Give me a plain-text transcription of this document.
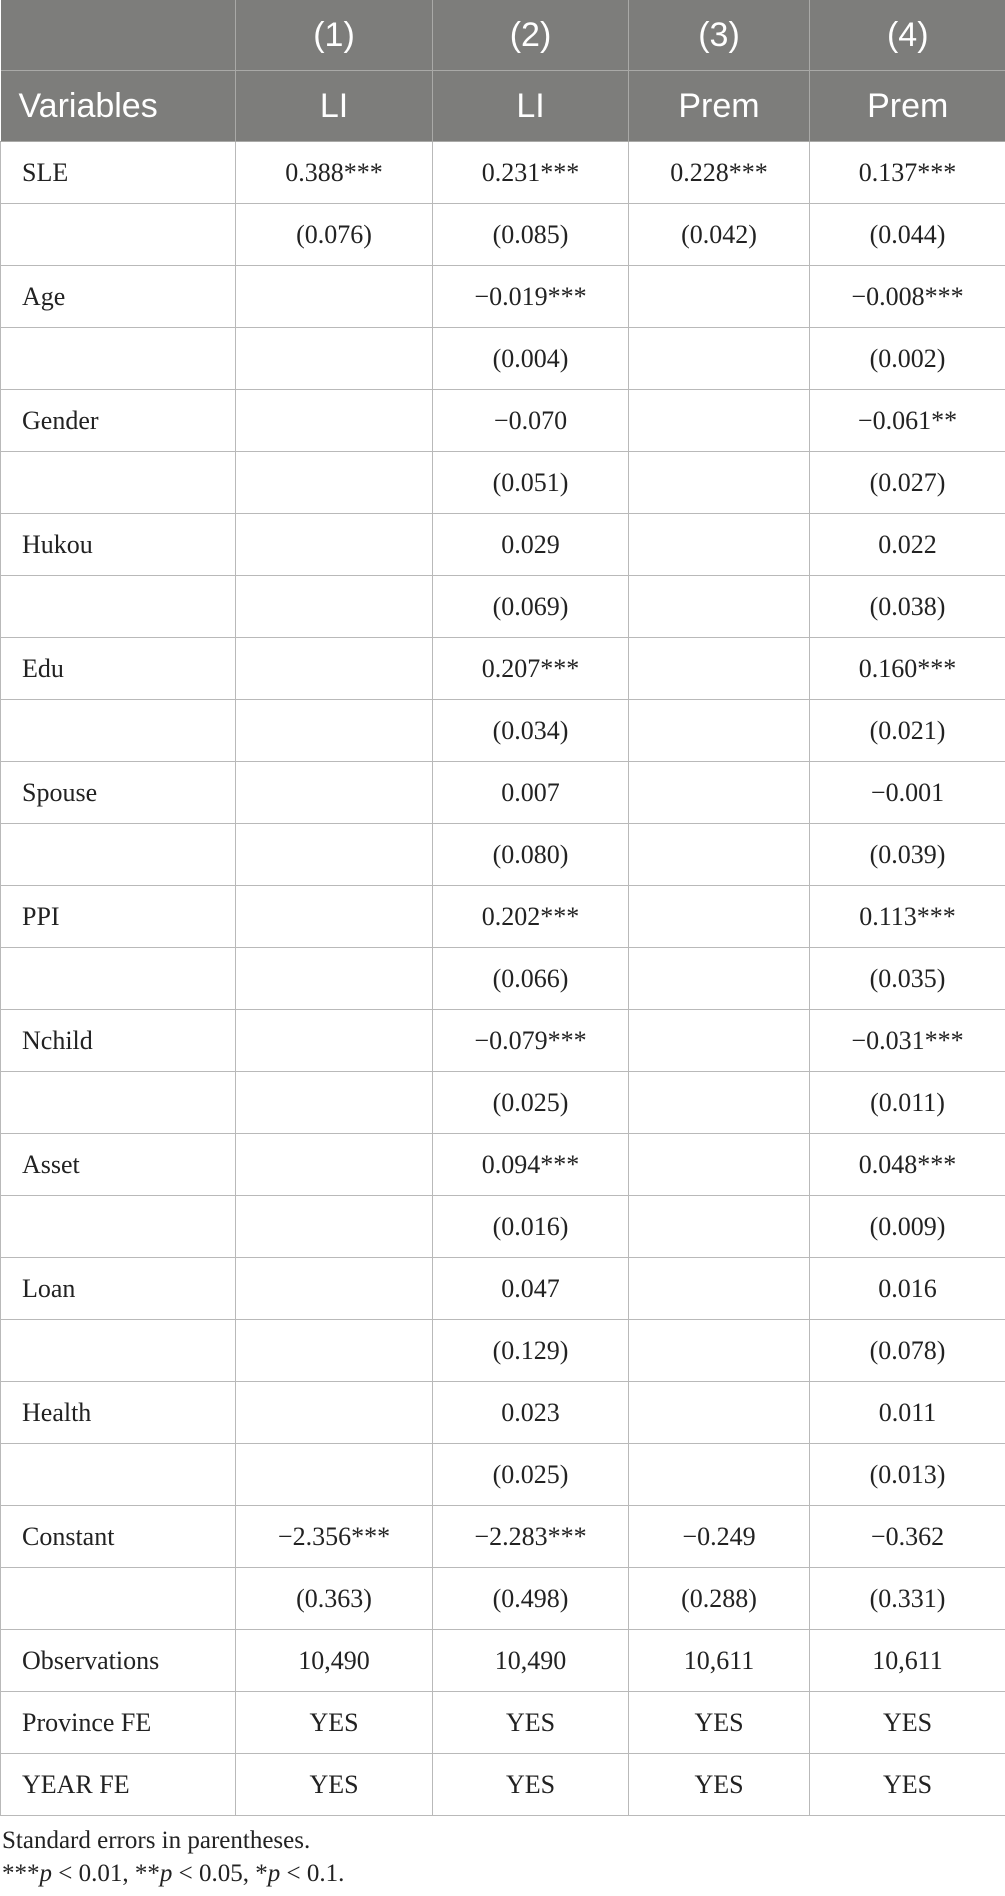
	(1)	(2)	(3)	(4)
Variables	LI	LI	Prem	Prem
SLE	0.388***	0.231***	0.228***	0.137***
	(0.076)	(0.085)	(0.042)	(0.044)
Age		−0.019***		−0.008***
		(0.004)		(0.002)
Gender		−0.070		−0.061**
		(0.051)		(0.027)
Hukou		0.029		0.022
		(0.069)		(0.038)
Edu		0.207***		0.160***
		(0.034)		(0.021)
Spouse		0.007		−0.001
		(0.080)		(0.039)
PPI		0.202***		0.113***
		(0.066)		(0.035)
Nchild		−0.079***		−0.031***
		(0.025)		(0.011)
Asset		0.094***		0.048***
		(0.016)		(0.009)
Loan		0.047		0.016
		(0.129)		(0.078)
Health		0.023		0.011
		(0.025)		(0.013)
Constant	−2.356***	−2.283***	−0.249	−0.362
	(0.363)	(0.498)	(0.288)	(0.331)
Observations	10,490	10,490	10,611	10,611
Province FE	YES	YES	YES	YES
YEAR FE	YES	YES	YES	YES
Standard errors in parentheses.
***p < 0.01, **p < 0.05, *p < 0.1.
